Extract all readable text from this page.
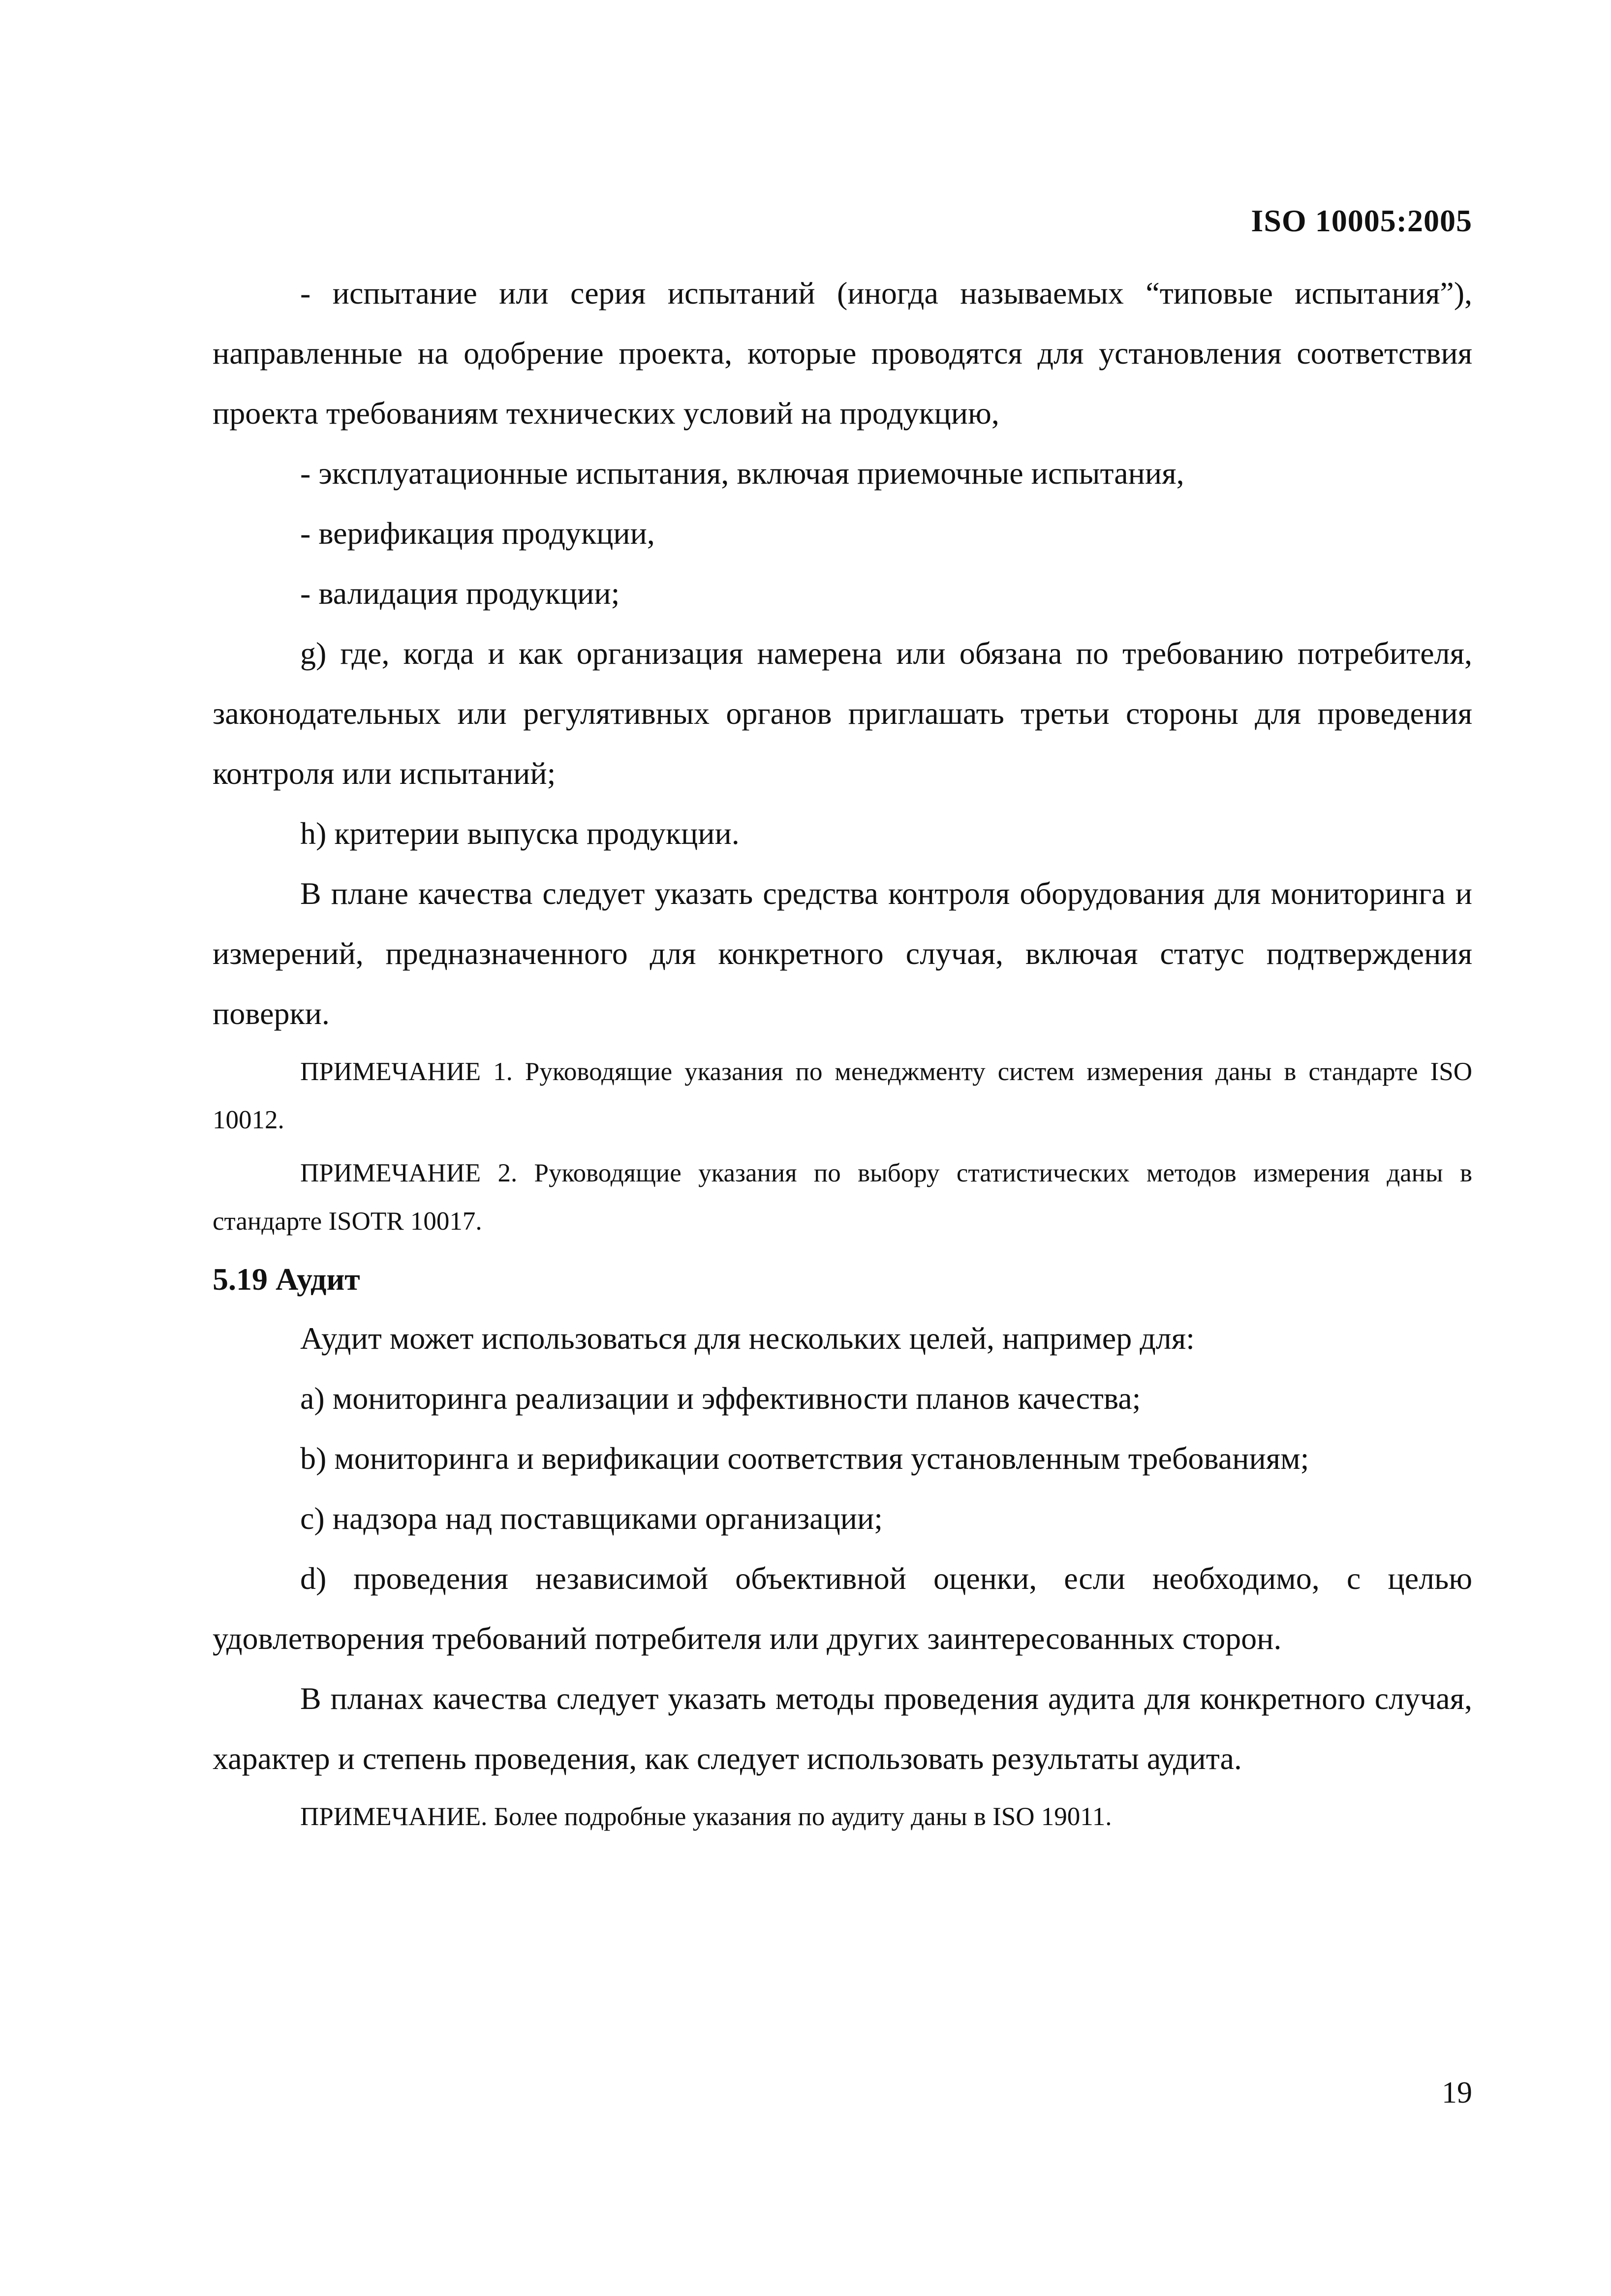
ISO 10005:2005

- испытание или серия испытаний (иногда называемых “типовые испытания”), направленные на одобрение проекта, которые проводятся для установления соответствия проекта требованиям технических условий на продукцию,

- эксплуатационные испытания, включая приемочные испытания,

- верификация продукции,

- валидация продукции;

g) где, когда и как организация намерена или обязана по требованию потребителя, законодательных или регулятивных органов приглашать третьи стороны для проведения контроля или испытаний;

h) критерии выпуска продукции.

В плане качества следует указать средства контроля оборудования для мониторинга и измерений, предназначенного для конкретного случая, включая статус подтверждения поверки.

ПРИМЕЧАНИЕ 1. Руководящие указания по менеджменту систем измерения даны в стандарте ISO 10012.

ПРИМЕЧАНИЕ 2. Руководящие указания по выбору статистических методов измерения даны в стандарте ISOTR 10017.

5.19 Аудит

Аудит может использоваться для нескольких целей, например для:

а) мониторинга реализации и эффективности планов качества;

b) мониторинга и верификации соответствия установленным требованиям;

с) надзора над поставщиками организации;

d) проведения независимой объективной оценки, если необходимо, с целью удовлетворения требований потребителя или других заинтересованных сторон.

В планах качества следует указать методы проведения аудита для конкретного случая, характер и степень проведения, как следует использовать результаты аудита.

ПРИМЕЧАНИЕ. Более подробные указания по аудиту даны в ISO 19011.

19
